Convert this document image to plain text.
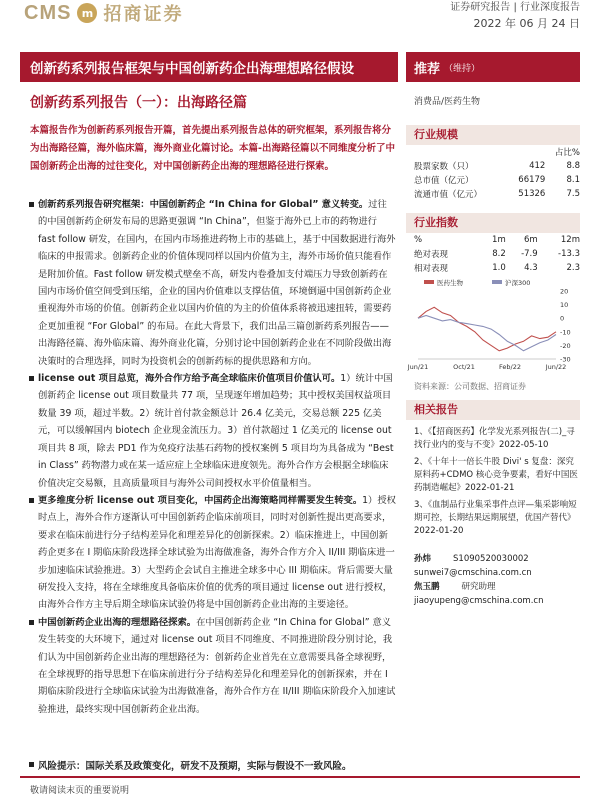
CMS m 招商证券	证券研究报告 | 行业深度报告
2022 年 06 月 24 日
创新药系列报告框架与中国创新药企出海理想路径假设	推荐 （维持）
创新药系列报告（一）：出海路径篇
本篇报告作为创新药系列报告开篇，首先提出系列报告总体的研究框架，系列报告将分为出海路径篇，海外临床篇，海外商业化篇讨论。本篇-出海路径篇以不同维度分析了中国创新药企出海的过往变化，对中国创新药企出海的理想路径进行探索。
创新药系列报告研究框架：中国创新药企 “In China for Global” 意义转变。过往的中国创新药企研发布局的思路更强调 “In China”，但鉴于海外已上市的药物进行 fast follow 研发，在国内，在国内市场推进药物上市的基础上，基于中国数据进行海外临床的申报需求。创新药企业的价值体现同样以国内价值为主，海外市场价值只能看作是附加价值。Fast follow 研发模式壁垒不高，研发内卷叠加支付端压力导致创新药在国内市场价值空间受到压缩，企业的国内价值难以支撑估值，环境倒逼中国创新药企业重视海外市场的价值。创新药企业以国内价值的为主的价值体系将被迅速扭转，需要药企更加重视 “For Global” 的布局。在此大背景下，我们出品三篇创新药系列报告——出海路径篇、海外临床篇、海外商业化篇，分别讨论中国创新药企业在不同阶段做出海决策时的合理选择，同时为投资机会的创新药标的提供思路和方向。
license out 项目总览，海外合作方给予高全球临床价值项目价值认可。1）统计中国创新药企 license out 项目数量共 77 项，呈现逐年增加趋势；其中授权美国权益项目数量 39 项，超过半数。2）统计首付款金额总计 26.4 亿美元，交易总额 225 亿美元，可以缓解国内 biotech 企业现金流压力。3）首付款超过 1 亿美元的 license out 项目共 8 项，除去 PD1 作为免疫疗法基石药物的授权案例 5 项目均为具备成为 “Best in Class” 药物潜力或在某一适应症上全球临床进度领先。海外合作方会根据全球临床价值决定交易额，且高质量项目与海外公司间授权水平价值量相当。
更多维度分析 license out 项目变化，中国药企出海策略同样需要发生转变。1）授权时点上，海外合作方逐渐认可中国创新药企临床前项目，同时对创新性提出更高要求，要求在临床前进行分子结构差异化和理差异化的创新探索。2）临床推进上，中国创新药企更多在 I 期临床阶段选择全球试验为出海做准备，海外合作方介入 II/III 期临床进一步加速临床试验推进。3）大型药企会试自主推进全球多中心 III 期临床。背后需要大量研发投入支持，将在全球维度具备临床价值的优秀的项目通过 license out 进行授权，由海外合作方主导后期全球临床试验仍将是中国创新药企业出海的主要途径。
中国创新药企业出海的理想路径探索。在中国创新药企业 “In China for Global” 意义发生转变的大环境下，通过对 license out 项目不同维度、不同推进阶段分别讨论，我们认为中国创新药企业出海的理想路径为：创新药企业首先在立意需要具备全球视野，在全球视野的指导思想下在临床前进行分子结构差异化和理差异化的创新探索，并在 I 期临床阶段进行全球临床试验为出海做准备，海外合作方在 II/III 期临床阶段介入加速试验推进，最终实现中国创新药企业出海。
风险提示：国际关系及政策变化，研发不及预期，实际与假设不一致风险。
敬请阅读末页的重要说明
消费品/医药生物
行业规模
		占比%
股票家数（只）	412	8.8
总市值（亿元）	66179	8.1
流通市值（亿元）	51326	7.5
行业指数
%	1m	6m	12m
绝对表现	8.2	-7.9	-13.3
相对表现	1.0	4.3	2.3
医药生物	沪深300
20
10
0
-10
-20
-30
Jun/21	Oct/21	Feb/22	Jun/22
资料来源：公司数据、招商证券
相关报告
1、《【招商医药】化学发光系列报告(二)_寻找行业内的变与不变》2022-05-10
2、《十年十一倍长牛股 Divi' s 复盘：深究原料药+CDMO 核心竞争要素，看好中国医药制造崛起》2022-01-21
3、《血制品行业集采事件点评—集采影响短期可控，长期结果远期展望，优国产替代》2022-01-20
孙炜	S1090520030002
sunwei7@cmschina.com.cn
焦玉鹏	研究助理
jiaoyupeng@cmschina.com.cn
